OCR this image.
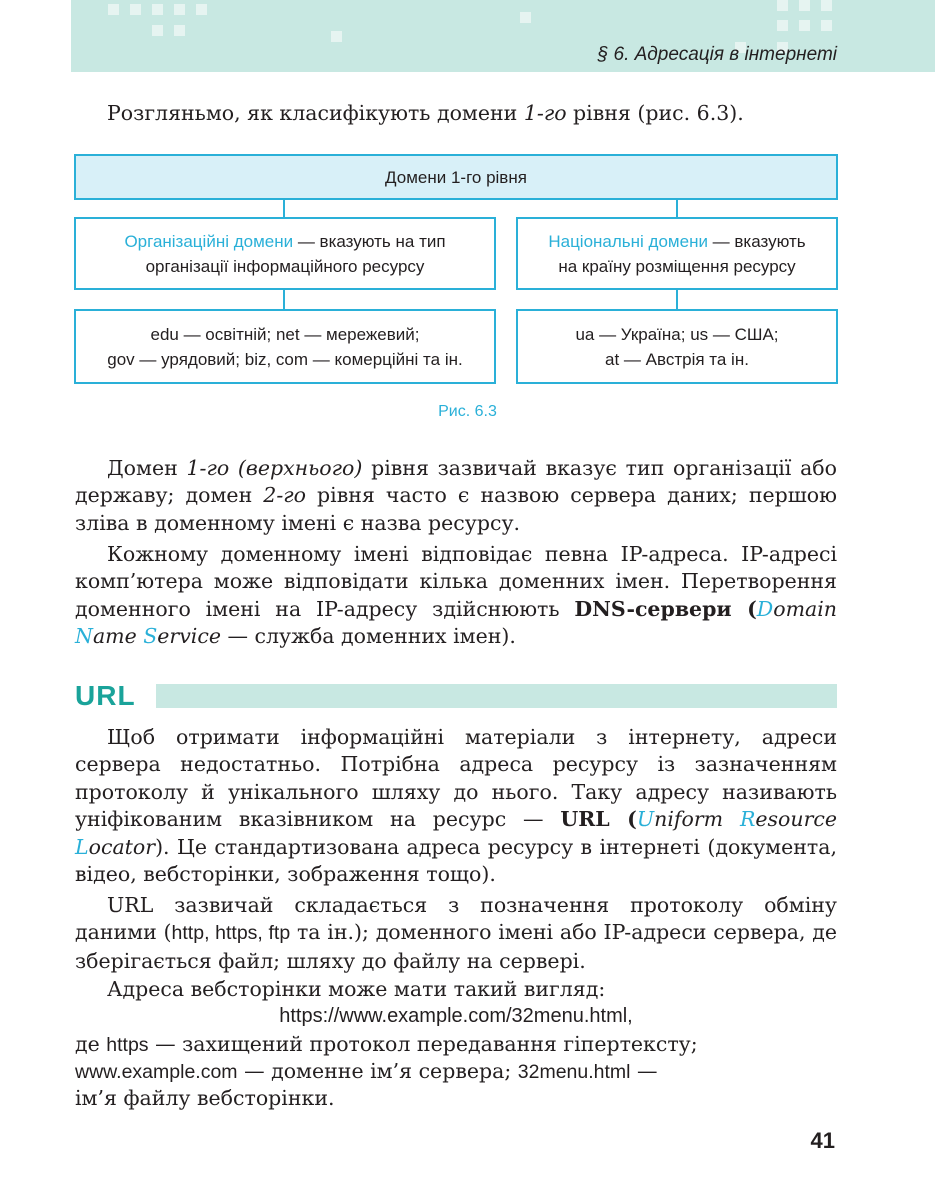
§ 6. Адресація в інтернеті

Розгляньмо, як класифікують домени 1-го рівня (рис. 6.3).

Домени 1-го рівня
Організаційні домени — вказують на тип
організації інформаційного ресурсу
Національні домени — вказують
на країну розміщення ресурсу
edu — освітній; net — мережевий;
gov — урядовий; biz, com — комерційні та ін.
ua — Україна; us — США;
at — Австрія та ін.
Рис. 6.3

Домен 1-го (верхнього) рівня зазвичай вказує тип організації або державу; домен 2-го рівня часто є назвою сервера даних; першою зліва в доменному імені є назва ресурсу.

Кожному доменному імені відповідає певна IP-адреса. IP-адресі комп’ютера може відповідати кілька доменних імен. Перетворення доменного імені на IP-адресу здійснюють DNS-сервери (Domain Name Service — служба доменних імен).

URL

Щоб отримати інформаційні матеріали з інтернету, адреси сервера недостатньо. Потрібна адреса ресурсу із зазначенням протоколу й унікального шляху до нього. Таку адресу називають уніфікованим вказівником на ресурс — URL (Uniform Resource Locator). Це стандартизована адреса ресурсу в інтернеті (документа, відео, вебсторінки, зображення тощо).

URL зазвичай складається з позначення протоколу обміну даними (http, https, ftp та ін.); доменного імені або IP-адреси сервера, де зберігається файл; шляху до файлу на сервері.

Адреса вебсторінки може мати такий вигляд:

https://www.example.com/32menu.html,
де https — захищений протокол передавання гіпертексту;
www.example.com — доменне ім’я сервера; 32menu.html —
ім’я файлу вебсторінки.
41
